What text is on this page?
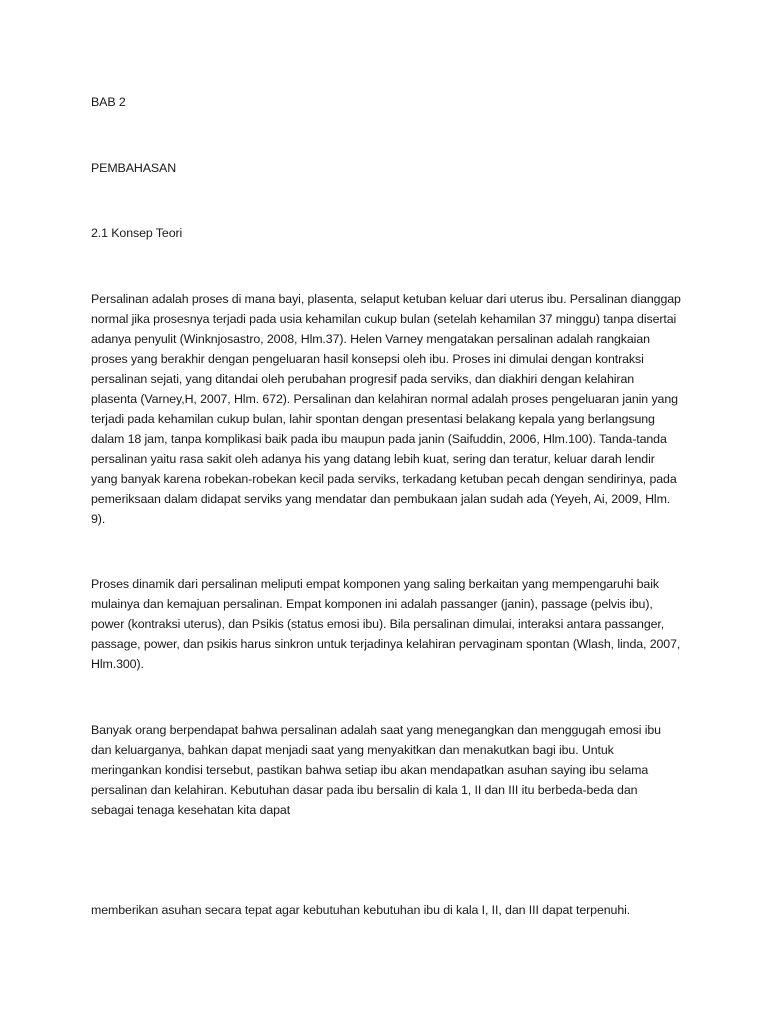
BAB 2

PEMBAHASAN

2.1 Konsep Teori

Persalinan adalah proses di mana bayi, plasenta, selaput ketuban keluar dari uterus ibu. Persalinan dianggap normal jika prosesnya terjadi pada usia kehamilan cukup bulan (setelah kehamilan 37 minggu) tanpa disertai adanya penyulit (Winknjosastro, 2008, Hlm.37). Helen Varney mengatakan persalinan adalah rangkaian proses yang berakhir dengan pengeluaran hasil konsepsi oleh ibu. Proses ini dimulai dengan kontraksi persalinan sejati, yang ditandai oleh perubahan progresif pada serviks, dan diakhiri dengan kelahiran plasenta (Varney,H, 2007, Hlm. 672). Persalinan dan kelahiran normal adalah proses pengeluaran janin yang terjadi pada kehamilan cukup bulan, lahir spontan dengan presentasi belakang kepala yang berlangsung dalam 18 jam, tanpa komplikasi baik pada ibu maupun pada janin (Saifuddin, 2006, Hlm.100). Tanda-tanda persalinan yaitu rasa sakit oleh adanya his yang datang lebih kuat, sering dan teratur, keluar darah lendir yang banyak karena robekan-robekan kecil pada serviks, terkadang ketuban pecah dengan sendirinya, pada pemeriksaan dalam didapat serviks yang mendatar dan pembukaan jalan sudah ada (Yeyeh, Ai, 2009, Hlm. 9).

Proses dinamik dari persalinan meliputi empat komponen yang saling berkaitan yang mempengaruhi baik mulainya dan kemajuan persalinan. Empat komponen ini adalah passanger (janin), passage (pelvis ibu), power (kontraksi uterus), dan Psikis (status emosi ibu). Bila persalinan dimulai, interaksi antara passanger, passage, power, dan psikis harus sinkron untuk terjadinya kelahiran pervaginam spontan (Wlash, linda, 2007, Hlm.300).

Banyak orang berpendapat bahwa persalinan adalah saat yang menegangkan dan menggugah emosi ibu dan keluarganya, bahkan dapat menjadi saat yang menyakitkan dan menakutkan bagi ibu. Untuk meringankan kondisi tersebut, pastikan bahwa setiap ibu akan mendapatkan asuhan saying ibu selama persalinan dan kelahiran. Kebutuhan dasar pada ibu bersalin di kala 1, II dan III itu berbeda-beda dan sebagai tenaga kesehatan kita dapat

memberikan asuhan secara tepat agar kebutuhan kebutuhan ibu di kala I, II, dan III dapat terpenuhi.
